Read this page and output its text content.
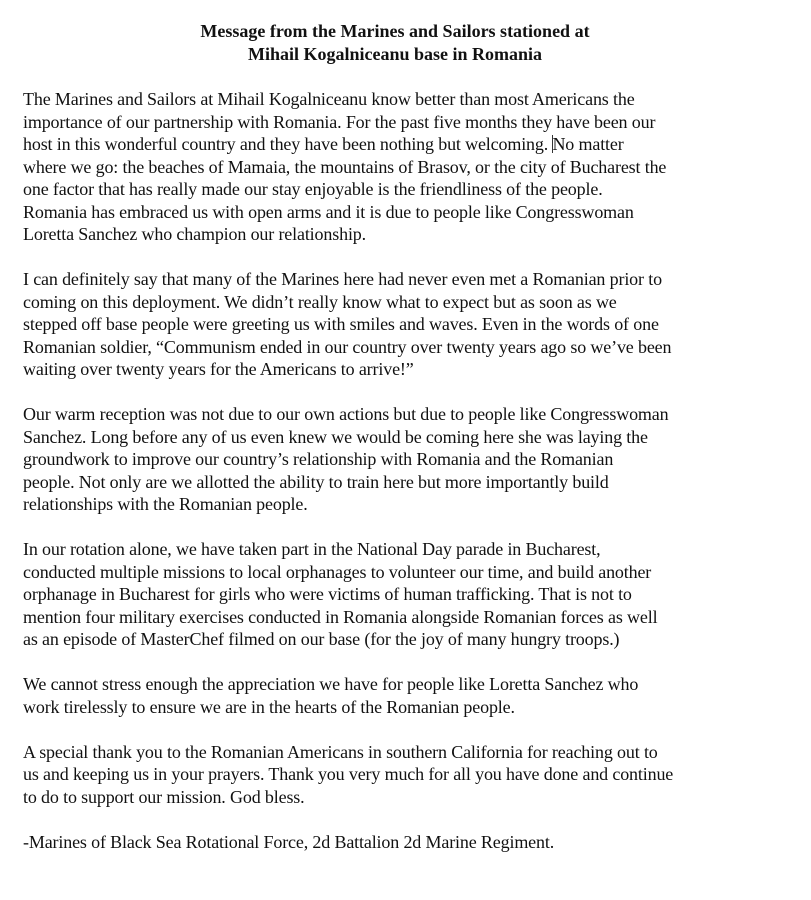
Message from the Marines and Sailors stationed at
Mihail Kogalniceanu base in Romania

The Marines and Sailors at Mihail Kogalniceanu know better than most Americans the
importance of our partnership with Romania. For the past five months they have been our
host in this wonderful country and they have been nothing but welcoming. No matter
where we go: the beaches of Mamaia, the mountains of Brasov, or the city of Bucharest the
one factor that has really made our stay enjoyable is the friendliness of the people.
Romania has embraced us with open arms and it is due to people like Congresswoman
Loretta Sanchez who champion our relationship.

I can definitely say that many of the Marines here had never even met a Romanian prior to
coming on this deployment. We didn’t really know what to expect but as soon as we
stepped off base people were greeting us with smiles and waves. Even in the words of one
Romanian soldier, “Communism ended in our country over twenty years ago so we’ve been
waiting over twenty years for the Americans to arrive!”

Our warm reception was not due to our own actions but due to people like Congresswoman
Sanchez. Long before any of us even knew we would be coming here she was laying the
groundwork to improve our country’s relationship with Romania and the Romanian
people. Not only are we allotted the ability to train here but more importantly build
relationships with the Romanian people.

In our rotation alone, we have taken part in the National Day parade in Bucharest,
conducted multiple missions to local orphanages to volunteer our time, and build another
orphanage in Bucharest for girls who were victims of human trafficking. That is not to
mention four military exercises conducted in Romania alongside Romanian forces as well
as an episode of MasterChef filmed on our base (for the joy of many hungry troops.)

We cannot stress enough the appreciation we have for people like Loretta Sanchez who
work tirelessly to ensure we are in the hearts of the Romanian people.

A special thank you to the Romanian Americans in southern California for reaching out to
us and keeping us in your prayers. Thank you very much for all you have done and continue
to do to support our mission. God bless.

-Marines of Black Sea Rotational Force, 2d Battalion 2d Marine Regiment.
